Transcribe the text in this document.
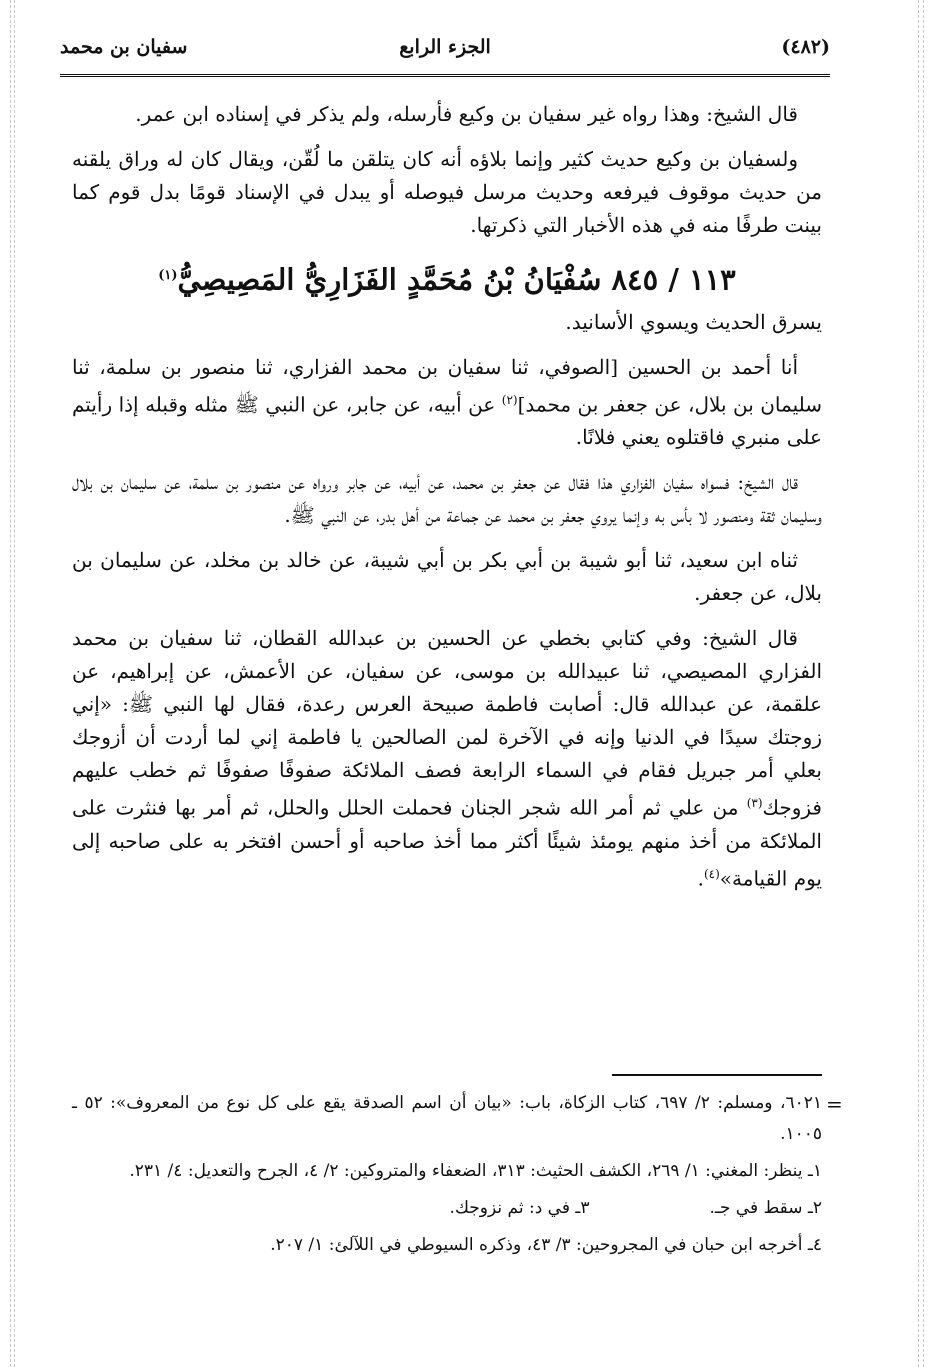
(٤٨٢)
الجزء الرابع
سفيان بن محمد

قال الشيخ: وهذا رواه غير سفيان بن وكيع فأرسله، ولم يذكر في إسناده ابن عمر.

ولسفيان بن وكيع حديث كثير وإنما بلاؤه أنه كان يتلقن ما لُقّن، ويقال كان له وراق يلقنه من حديث موقوف فيرفعه وحديث مرسل فيوصله أو يبدل في الإسناد قومًا بدل قوم كما بينت طرفًا منه في هذه الأخبار التي ذكرتها.

١١٣ / ٨٤٥ سُفْيَانُ بْنُ مُحَمَّدٍ الفَزَارِيُّ المَصِيصِيُّ$^{(١)}$

يسرق الحديث ويسوي الأسانيد.

أنا أحمد بن الحسين [الصوفي، ثنا سفيان بن محمد الفزاري، ثنا منصور بن سلمة، ثنا سليمان بن بلال، عن جعفر بن محمد]$^{(٢)}$ عن أبيه، عن جابر، عن النبي ﷺ مثله وقبله إذا رأيتم على منبري فاقتلوه يعني فلانًا.

قال الشيخ: فسواه سفيان الفزاري هذا فقال عن جعفر بن محمد، عن أبيه، عن جابر ورواه عن منصور بن سلمة، عن سليمان بن بلال وسليمان ثقة ومنصور لا بأس به وإنما يروي جعفر بن محمد عن جماعة من أهل بدر، عن النبي ﷺ.

ثناه ابن سعيد، ثنا أبو شيبة بن أبي بكر بن أبي شيبة، عن خالد بن مخلد، عن سليمان بن بلال، عن جعفر.

قال الشيخ: وفي كتابي بخطي عن الحسين بن عبدالله القطان، ثنا سفيان بن محمد الفزاري المصيصي، ثنا عبيدالله بن موسى، عن سفيان، عن الأعمش، عن إبراهيم، عن علقمة، عن عبدالله قال: أصابت فاطمة صبيحة العرس رعدة، فقال لها النبي ﷺ: «إني زوجتك سيدًا في الدنيا وإنه في الآخرة لمن الصالحين يا فاطمة إني لما أردت أن أزوجك بعلي أمر جبريل فقام في السماء الرابعة فصف الملائكة صفوفًا صفوفًا ثم خطب عليهم فزوجك$^{(٣)}$ من علي ثم أمر الله شجر الجنان فحملت الحلل والحلل، ثم أمر بها فنثرت على الملائكة من أخذ منهم يومئذ شيئًا أكثر مما أخذ صاحبه أو أحسن افتخر به على صاحبه إلى يوم القيامة»$^{(٤)}$.

=

٦٠٢١، ومسلم: ٢/ ٦٩٧، كتاب الزكاة، باب: «بيان أن اسم الصدقة يقع على كل نوع من المعروف»: ٥٢ ـ ١٠٠٥.

١ـ ينظر: المغني: ١/ ٢٦٩، الكشف الحثيث: ٣١٣، الضعفاء والمتروكين: ٢/ ٤، الجرح والتعديل: ٤/ ٢٣١.

٢ـ سقط في جـ.

٣ـ في د: ثم نزوجك.

٤ـ أخرجه ابن حبان في المجروحين: ٣/ ٤٣، وذكره السيوطي في اللآلئ: ١/ ٢٠٧.
